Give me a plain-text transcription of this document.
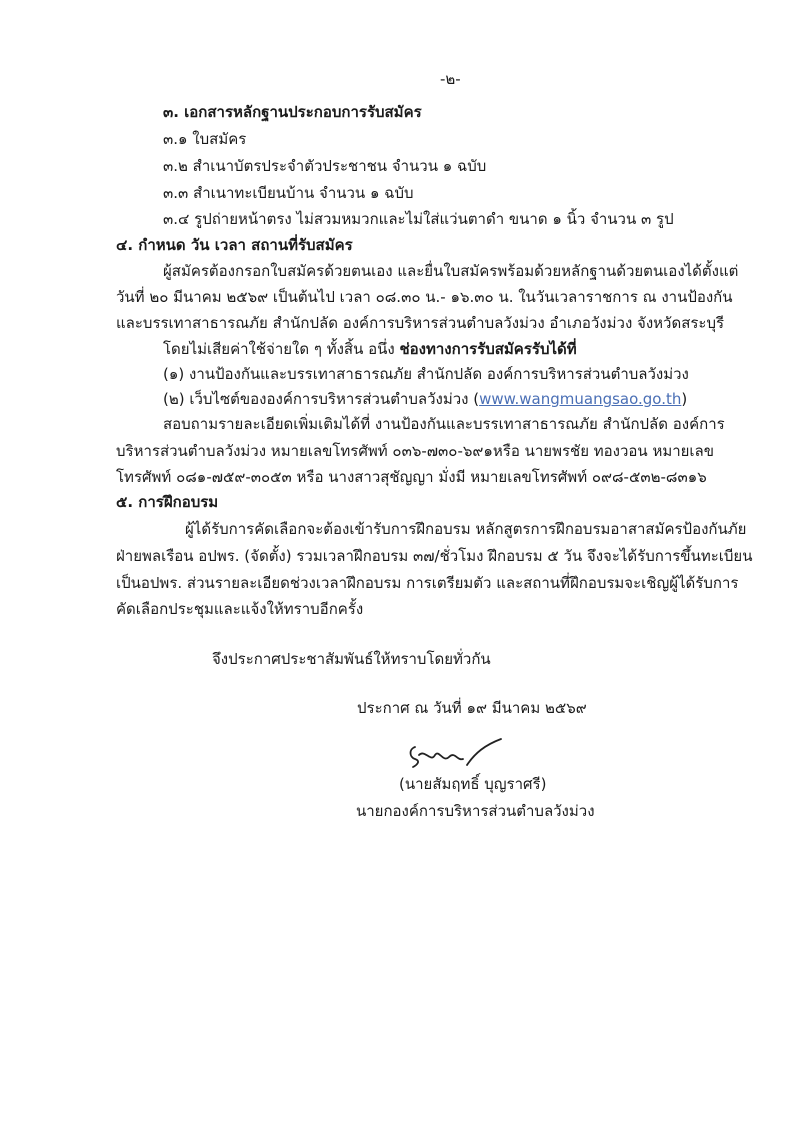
-๒-
๓. เอกสารหลักฐานประกอบการรับสมัคร
๓.๑ ใบสมัคร
๓.๒ สำเนาบัตรประจำตัวประชาชน จำนวน ๑ ฉบับ
๓.๓ สำเนาทะเบียนบ้าน จำนวน ๑ ฉบับ
๓.๔ รูปถ่ายหน้าตรง ไม่สวมหมวกและไม่ใส่แว่นตาดำ ขนาด ๑ นิ้ว จำนวน ๓ รูป
๔. กำหนด วัน เวลา สถานที่รับสมัคร
ผู้สมัครต้องกรอกใบสมัครด้วยตนเอง และยื่นใบสมัครพร้อมด้วยหลักฐานด้วยตนเองได้ตั้งแต่
วันที่ ๒๐ มีนาคม ๒๕๖๙ เป็นต้นไป เวลา ๐๘.๓๐ น.- ๑๖.๓๐ น. ในวันเวลาราชการ ณ งานป้องกัน
และบรรเทาสาธารณภัย สำนักปลัด องค์การบริหารส่วนตำบลวังม่วง อำเภอวังม่วง จังหวัดสระบุรี
โดยไม่เสียค่าใช้จ่ายใด ๆ ทั้งสิ้น อนึ่ง ช่องทางการรับสมัครรับได้ที่
(๑) งานป้องกันและบรรเทาสาธารณภัย สำนักปลัด องค์การบริหารส่วนตำบลวังม่วง
(๒) เว็บไซต์ขององค์การบริหารส่วนตำบลวังม่วง (www.wangmuangsao.go.th)
สอบถามรายละเอียดเพิ่มเติมได้ที่ งานป้องกันและบรรเทาสาธารณภัย สำนักปลัด องค์การ
บริหารส่วนตำบลวังม่วง หมายเลขโทรศัพท์ ๐๓๖-๗๓๐-๖๙๑หรือ นายพรชัย ทองวอน หมายเลข
โทรศัพท์ ๐๘๑-๗๕๙-๓๐๕๓ หรือ นางสาวสุชัญญา มั่งมี หมายเลขโทรศัพท์ ๐๙๘-๕๓๒-๘๓๑๖
๕. การฝึกอบรม
ผู้ได้รับการคัดเลือกจะต้องเข้ารับการฝึกอบรม หลักสูตรการฝึกอบรมอาสาสมัครป้องกันภัย
ฝ่ายพลเรือน อปพร. (จัดตั้ง) รวมเวลาฝึกอบรม ๓๗/ชั่วโมง ฝึกอบรม ๕ วัน จึงจะได้รับการขึ้นทะเบียน
เป็นอปพร. ส่วนรายละเอียดช่วงเวลาฝึกอบรม การเตรียมตัว และสถานที่ฝึกอบรมจะเชิญผู้ได้รับการ
คัดเลือกประชุมและแจ้งให้ทราบอีกครั้ง
จึงประกาศประชาสัมพันธ์ให้ทราบโดยทั่วกัน
ประกาศ ณ วันที่ ๑๙ มีนาคม ๒๕๖๙
(นายสัมฤทธิ์ บุญราศรี)
นายกองค์การบริหารส่วนตำบลวังม่วง
